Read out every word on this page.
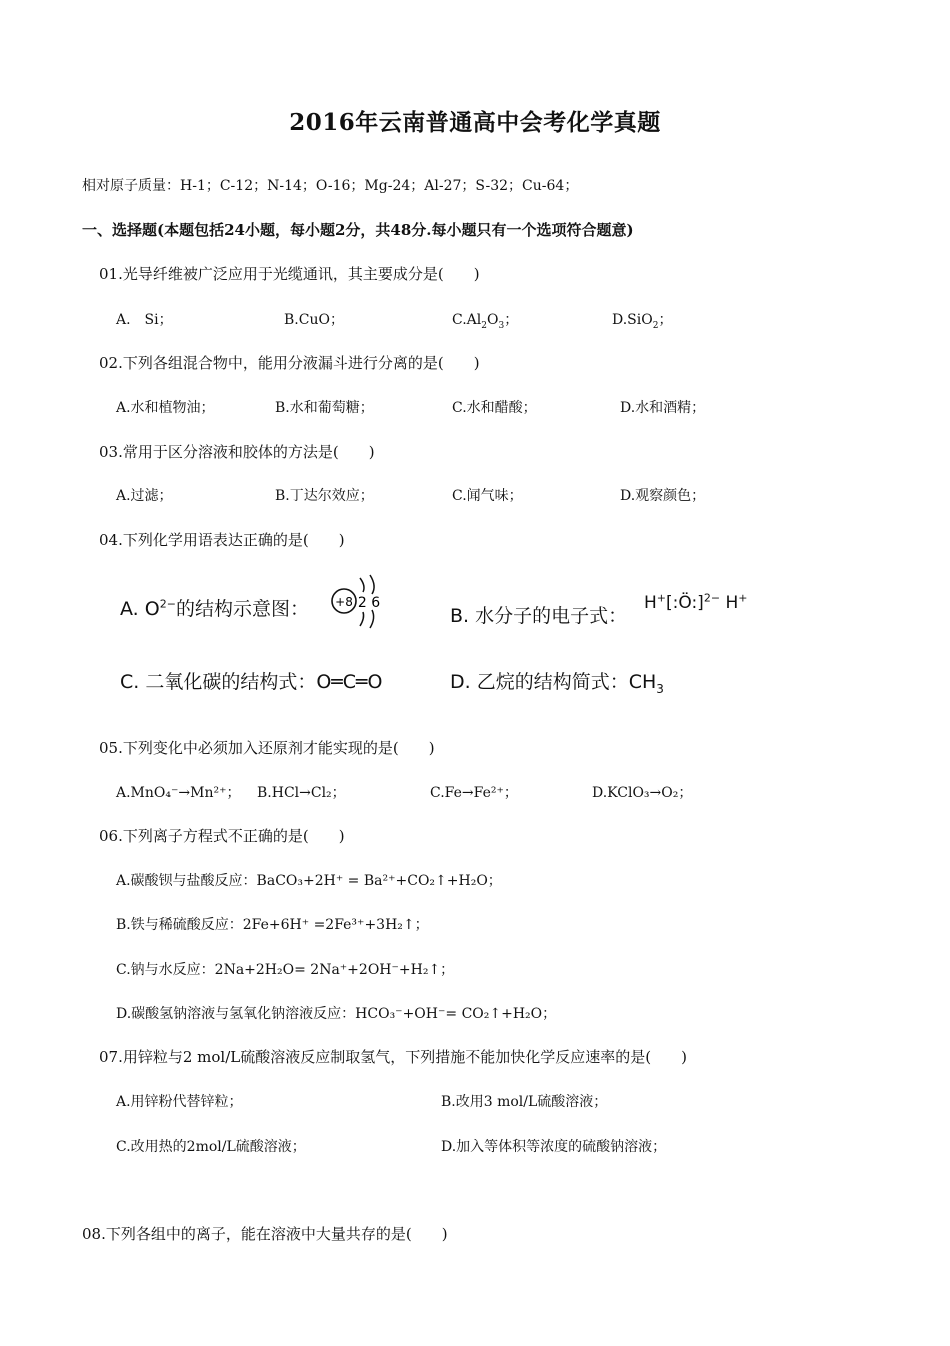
2016年云南普通高中会考化学真题
相对原子质量：H-1；C-12；N-14；O-16；Mg-24；Al-27；S-32；Cu-64；
一、选择题(本题包括24小题，每小题2分，共48分.每小题只有一个选项符合题意)
01.光导纤维被广泛应用于光缆通讯，其主要成分是(　　)
A.　Si；	B.CuO；	$C.Al_2O_3$；	D.SiO$_2$；
02.下列各组混合物中，能用分液漏斗进行分离的是(　　)
A.水和植物油；	B.水和葡萄糖；	C.水和醋酸；	D.水和酒精；
03.常用于区分溶液和胶体的方法是(　　)
A.过滤；	B.丁达尔效应；	C.闻气味；	D.观察颜色；
04.下列化学用语表达正确的是(　　)
A. $O^{2-}$的结构示意图： +8 2 6
B. 水分子的电子式：
H+[:Ö:]$^{2-}$ H+
C. 二氧化碳的结构式：O═C═O	D. 乙烷的结构简式：$CH_3$
05.下列变化中必须加入还原剂才能实现的是(　　)
A.MnO₄⁻→Mn²⁺； B.HCl→Cl₂；	C.Fe→Fe²⁺；	D.KClO₃→O₂；
06.下列离子方程式不正确的是(　　)
A.碳酸钡与盐酸反应：BaCO₃+2H⁺ = Ba²⁺+CO₂↑+H₂O；
B.铁与稀硫酸反应：2Fe+6H⁺ =2Fe³⁺+3H₂↑；
C.钠与水反应：2Na+2H₂O= 2Na⁺+2OH⁻+H₂↑；
D.碳酸氢钠溶液与氢氧化钠溶液反应：HCO₃⁻+OH⁻= CO₂↑+H₂O；
07.用锌粒与2 mol/L硫酸溶液反应制取氢气，下列措施不能加快化学反应速率的是(　　)
A.用锌粉代替锌粒；	B.改用3 mol/L硫酸溶液；
C.改用热的2mol/L硫酸溶液；	D.加入等体积等浓度的硫酸钠溶液；
08.下列各组中的离子，能在溶液中大量共存的是(　　)
